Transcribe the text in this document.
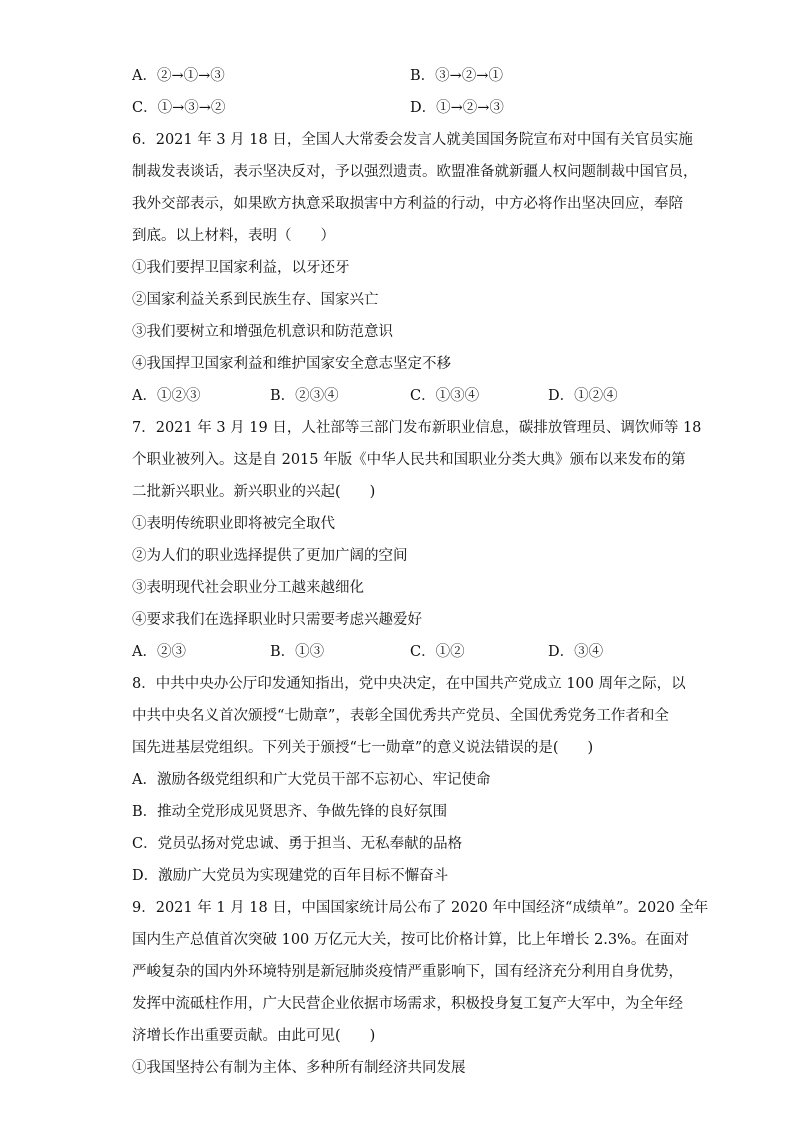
A．②→①→③	B．③→②→①
C．①→③→②	D．①→②→③
6．2021 年 3 月 18 日，全国人大常委会发言人就美国国务院宣布对中国有关官员实施
制裁发表谈话，表示坚决反对，予以强烈遗责。欧盟准备就新疆人权问题制裁中国官员，
我外交部表示，如果欧方执意采取损害中方利益的行动，中方必将作出坚决回应，奉陪
到底。以上材料，表明（　　）
①我们要捍卫国家利益，以牙还牙
②国家利益关系到民族生存、国家兴亡
③我们要树立和增强危机意识和防范意识
④我国捍卫国家利益和维护国家安全意志坚定不移
A．①②③	B．②③④	C．①③④	D．①②④
7．2021 年 3 月 19 日，人社部等三部门发布新职业信息，碳排放管理员、调饮师等 18
个职业被列入。这是自 2015 年版《中华人民共和国职业分类大典》颁布以来发布的第
二批新兴职业。新兴职业的兴起(　　)
①表明传统职业即将被完全取代
②为人们的职业选择提供了更加广阔的空间
③表明现代社会职业分工越来越细化
④要求我们在选择职业时只需要考虑兴趣爱好
A．②③	B．①③	C．①②	D．③④
8．中共中央办公厅印发通知指出，党中央决定，在中国共产党成立 100 周年之际，以
中共中央名义首次颁授“七勋章”，表彰全国优秀共产党员、全国优秀党务工作者和全
国先进基层党组织。下列关于颁授“七一勋章”的意义说法错误的是(　　)
A．激励各级党组织和广大党员干部不忘初心、牢记使命
B．推动全党形成见贤思齐、争做先锋的良好氛围
C．党员弘扬对党忠诚、勇于担当、无私奉献的品格
D．激励广大党员为实现建党的百年目标不懈奋斗
9．2021 年 1 月 18 日，中国国家统计局公布了 2020 年中国经济“成绩单”。2020 全年
国内生产总值首次突破 100 万亿元大关，按可比价格计算，比上年增长 2.3%。在面对
严峻复杂的国内外环境特别是新冠肺炎疫情严重影响下，国有经济充分利用自身优势，
发挥中流砥柱作用，广大民营企业依据市场需求，积极投身复工复产大军中，为全年经
济增长作出重要贡献。由此可见(　　)
①我国坚持公有制为主体、多种所有制经济共同发展
